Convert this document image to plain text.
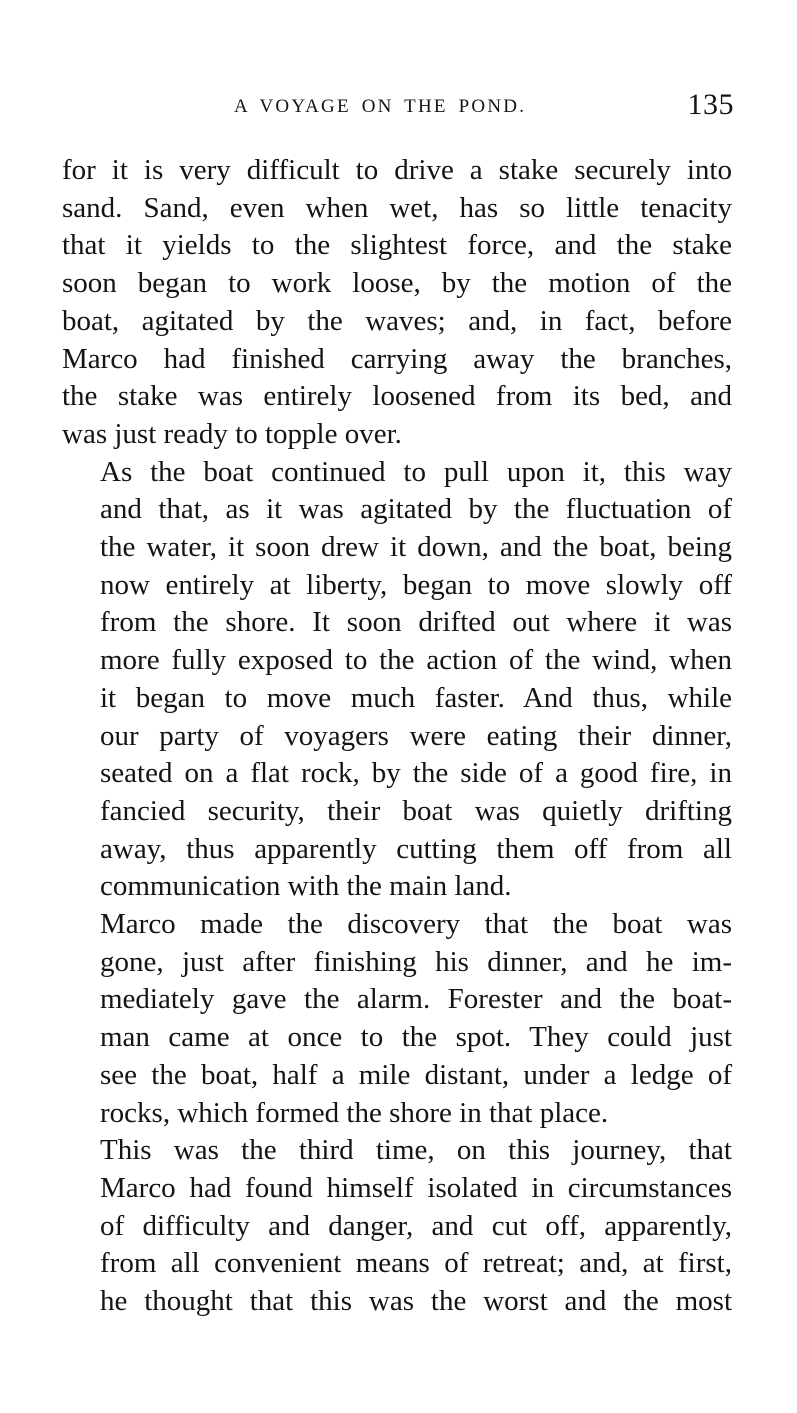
A VOYAGE ON THE POND.	135

for it is very difficult to drive a stake securely into
sand. Sand, even when wet, has so little tenacity
that it yields to the slightest force, and the stake
soon began to work loose, by the motion of the
boat, agitated by the waves; and, in fact, before
Marco had finished carrying away the branches,
the stake was entirely loosened from its bed, and
was just ready to topple over.

As the boat continued to pull upon it, this way
and that, as it was agitated by the fluctuation of
the water, it soon drew it down, and the boat, being
now entirely at liberty, began to move slowly off
from the shore. It soon drifted out where it was
more fully exposed to the action of the wind, when
it began to move much faster. And thus, while
our party of voyagers were eating their dinner,
seated on a flat rock, by the side of a good fire, in
fancied security, their boat was quietly drifting
away, thus apparently cutting them off from all
communication with the main land.

Marco made the discovery that the boat was
gone, just after finishing his dinner, and he im-
mediately gave the alarm. Forester and the boat-
man came at once to the spot. They could just
see the boat, half a mile distant, under a ledge of
rocks, which formed the shore in that place.

This was the third time, on this journey, that
Marco had found himself isolated in circumstances
of difficulty and danger, and cut off, apparently,
from all convenient means of retreat; and, at first,
he thought that this was the worst and the most
